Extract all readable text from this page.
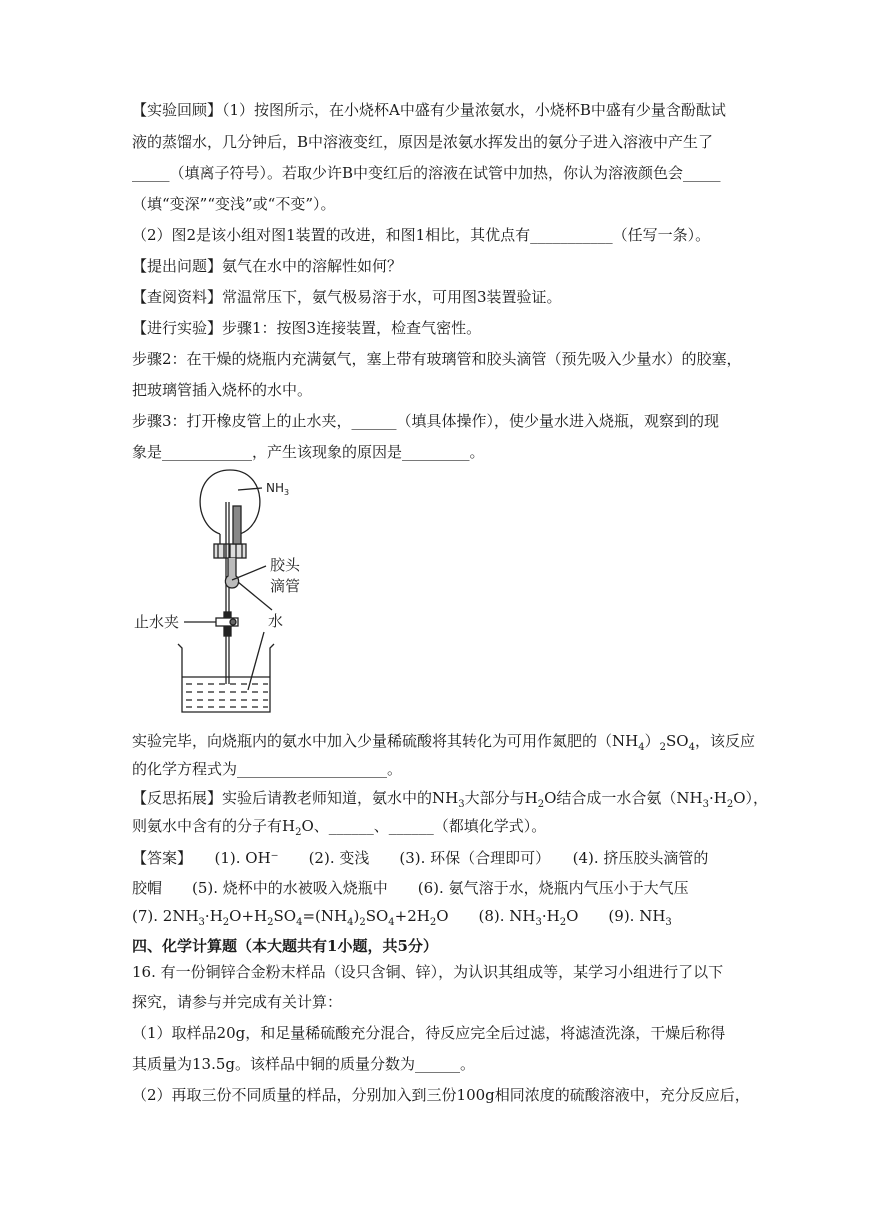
【实验回顾】（1）按图所示，在小烧杯A中盛有少量浓氨水，小烧杯B中盛有少量含酚酞试
液的蒸馏水，几分钟后，B中溶液变红，原因是浓氨水挥发出的氨分子进入溶液中产生了
_____（填离子符号）。若取少许B中变红后的溶液在试管中加热，你认为溶液颜色会_____
（填“变深”“变浅”或“不变”）。
（2）图2是该小组对图1装置的改进，和图1相比，其优点有___________（任写一条）。
【提出问题】氨气在水中的溶解性如何？
【查阅资料】常温常压下，氨气极易溶于水，可用图3装置验证。
【进行实验】步骤1：按图3连接装置，检查气密性。
步骤2：在干燥的烧瓶内充满氨气，塞上带有玻璃管和胶头滴管（预先吸入少量水）的胶塞，
把玻璃管插入烧杯的水中。
步骤3：打开橡皮管上的止水夹，______（填具体操作），使少量水进入烧瓶，观察到的现
象是____________，产生该现象的原因是_________。
$NH_3$
胶头
滴管
止水夹	水
实验完毕，向烧瓶内的氨水中加入少量稀硫酸将其转化为可用作氮肥的$(NH_4)_2SO_4$，该反应
的化学方程式为____________________。
【反思拓展】实验后请教老师知道，氨水中的$NH_3$大部分与$H_2O$结合成一水合氨$(NH_3\cdot H_2O)$，
则氨水中含有的分子有$H_2O$、______、______（都填化学式）。
【答案】　　(1). OH⁻　　(2). 变浅　　(3). 环保（合理即可）　　(4). 挤压胶头滴管的
胶帽　　(5). 烧杯中的水被吸入烧瓶中　　(6). 氨气溶于水，烧瓶内气压小于大气压
(7). $2NH_3\cdot H_2O+H_2SO_4=(NH_4)_2SO_4+2H_2O$　　(8). $NH_3\cdot H_2O$　　(9). $NH_3$
四、化学计算题（本大题共有1小题，共5分）
16. 有一份铜锌合金粉末样品（设只含铜、锌），为认识其组成等，某学习小组进行了以下
探究，请参与并完成有关计算：
（1）取样品20g，和足量稀硫酸充分混合，待反应完全后过滤，将滤渣洗涤，干燥后称得
其质量为13.5g。该样品中铜的质量分数为______。
（2）再取三份不同质量的样品，分别加入到三份100g相同浓度的硫酸溶液中，充分反应后，
